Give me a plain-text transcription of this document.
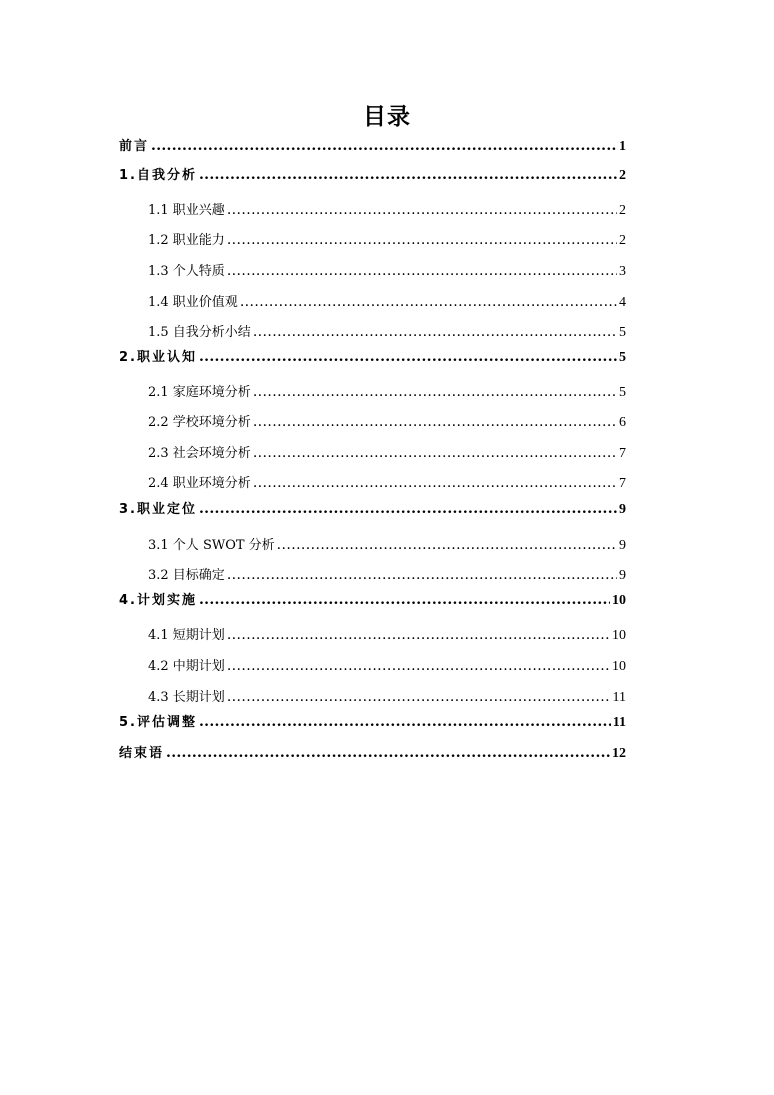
目录
前言 .....	1
1.自我分析 .....	2
1.1 职业兴趣 .....	2
1.2 职业能力 .....	2
1.3 个人特质 .....	3
1.4 职业价值观 .....	4
1.5 自我分析小结 .....	5
2.职业认知 .....	5
2.1 家庭环境分析 .....	5
2.2 学校环境分析 .....	6
2.3 社会环境分析 .....	7
2.4 职业环境分析 .....	7
3.职业定位 .....	9
3.1 个人 SWOT 分析 .....	9
3.2 目标确定 .....	9
4.计划实施 .....	10
4.1 短期计划 .....	10
4.2 中期计划 .....	10
4.3 长期计划 .....	11
5.评估调整 .....	11
结束语 .....	12
